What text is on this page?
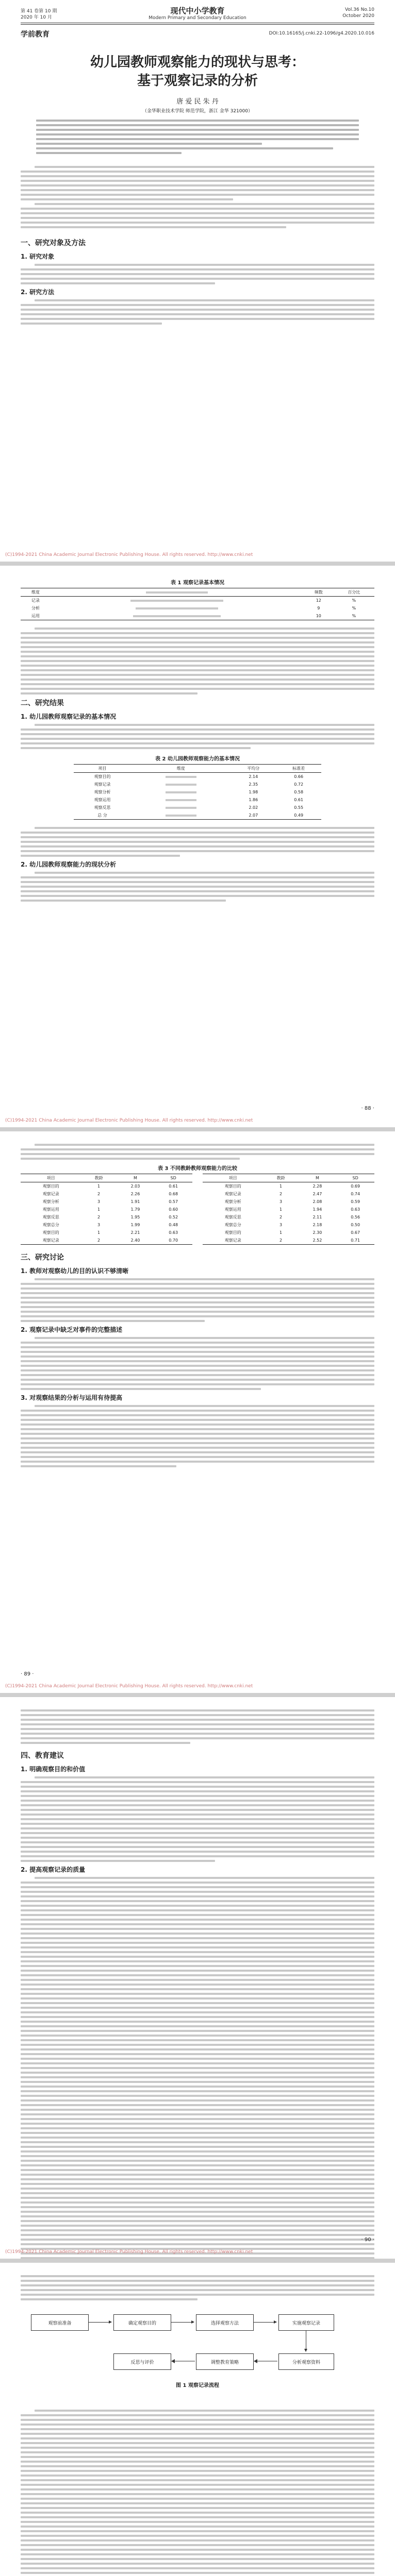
第 41 卷第 10 期
2020 年 10 月
现代中小学教育
Modern Primary and Secondary Education
Vol.36 No.10
October 2020
学前教育	DOI:10.16165/j.cnki.22-1096/g4.2020.10.016
幼儿园教师观察能力的现状与思考：
基于观察记录的分析
唐 爱 民 朱 丹
（金华职业技术学院 师范学院，浙江 金华 321000）
一、研究对象及方法
1. 研究对象
2. 研究方法
(C)1994-2021 China Academic Journal Electronic Publishing House. All rights reserved. http://www.cnki.net
表 1 观察记录基本情况
维度		频数	百分比
记录		12	%
分析		9	%
运用		10	%
二、研究结果
1. 幼儿园教师观察记录的基本情况
表 2 幼儿园教师观察能力的基本情况
项目	维度	平均分	标准差
观察目的		2.14	0.66
观察记录		2.35	0.72
观察分析		1.98	0.58
观察运用		1.86	0.61
观察反思		2.02	0.55
总 分		2.07	0.49
2. 幼儿园教师观察能力的现状分析
· 88 ·
(C)1994-2021 China Academic Journal Electronic Publishing House. All rights reserved. http://www.cnki.net
表 3 不同教龄教师观察能力的比较
项目	教龄	M	SD
观察目的	1	2.03	0.61
观察记录	2	2.26	0.68
观察分析	3	1.91	0.57
观察运用	1	1.79	0.60
观察反思	2	1.95	0.52
观察总分	3	1.99	0.48
观察目的	1	2.21	0.63
观察记录	2	2.40	0.70
项目	教龄	M	SD
观察目的	1	2.28	0.69
观察记录	2	2.47	0.74
观察分析	3	2.08	0.59
观察运用	1	1.94	0.63
观察反思	2	2.11	0.56
观察总分	3	2.18	0.50
观察目的	1	2.30	0.67
观察记录	2	2.52	0.71
三、研究讨论
1. 教师对观察幼儿的目的认识不够清晰
2. 观察记录中缺乏对事件的完整描述
3. 对观察结果的分析与运用有待提高
· 89 ·
(C)1994-2021 China Academic Journal Electronic Publishing House. All rights reserved. http://www.cnki.net
四、教育建议
1. 明确观察目的和价值
2. 提高观察记录的质量
· 90 ·
(C)1994-2021 China Academic Journal Electronic Publishing House. All rights reserved. http://www.cnki.net
观察前准备	确定观察目的	选择观察方法	实施观察记录
分析观察资料
调整教育策略
反思与评价
图 1 观察记录流程
